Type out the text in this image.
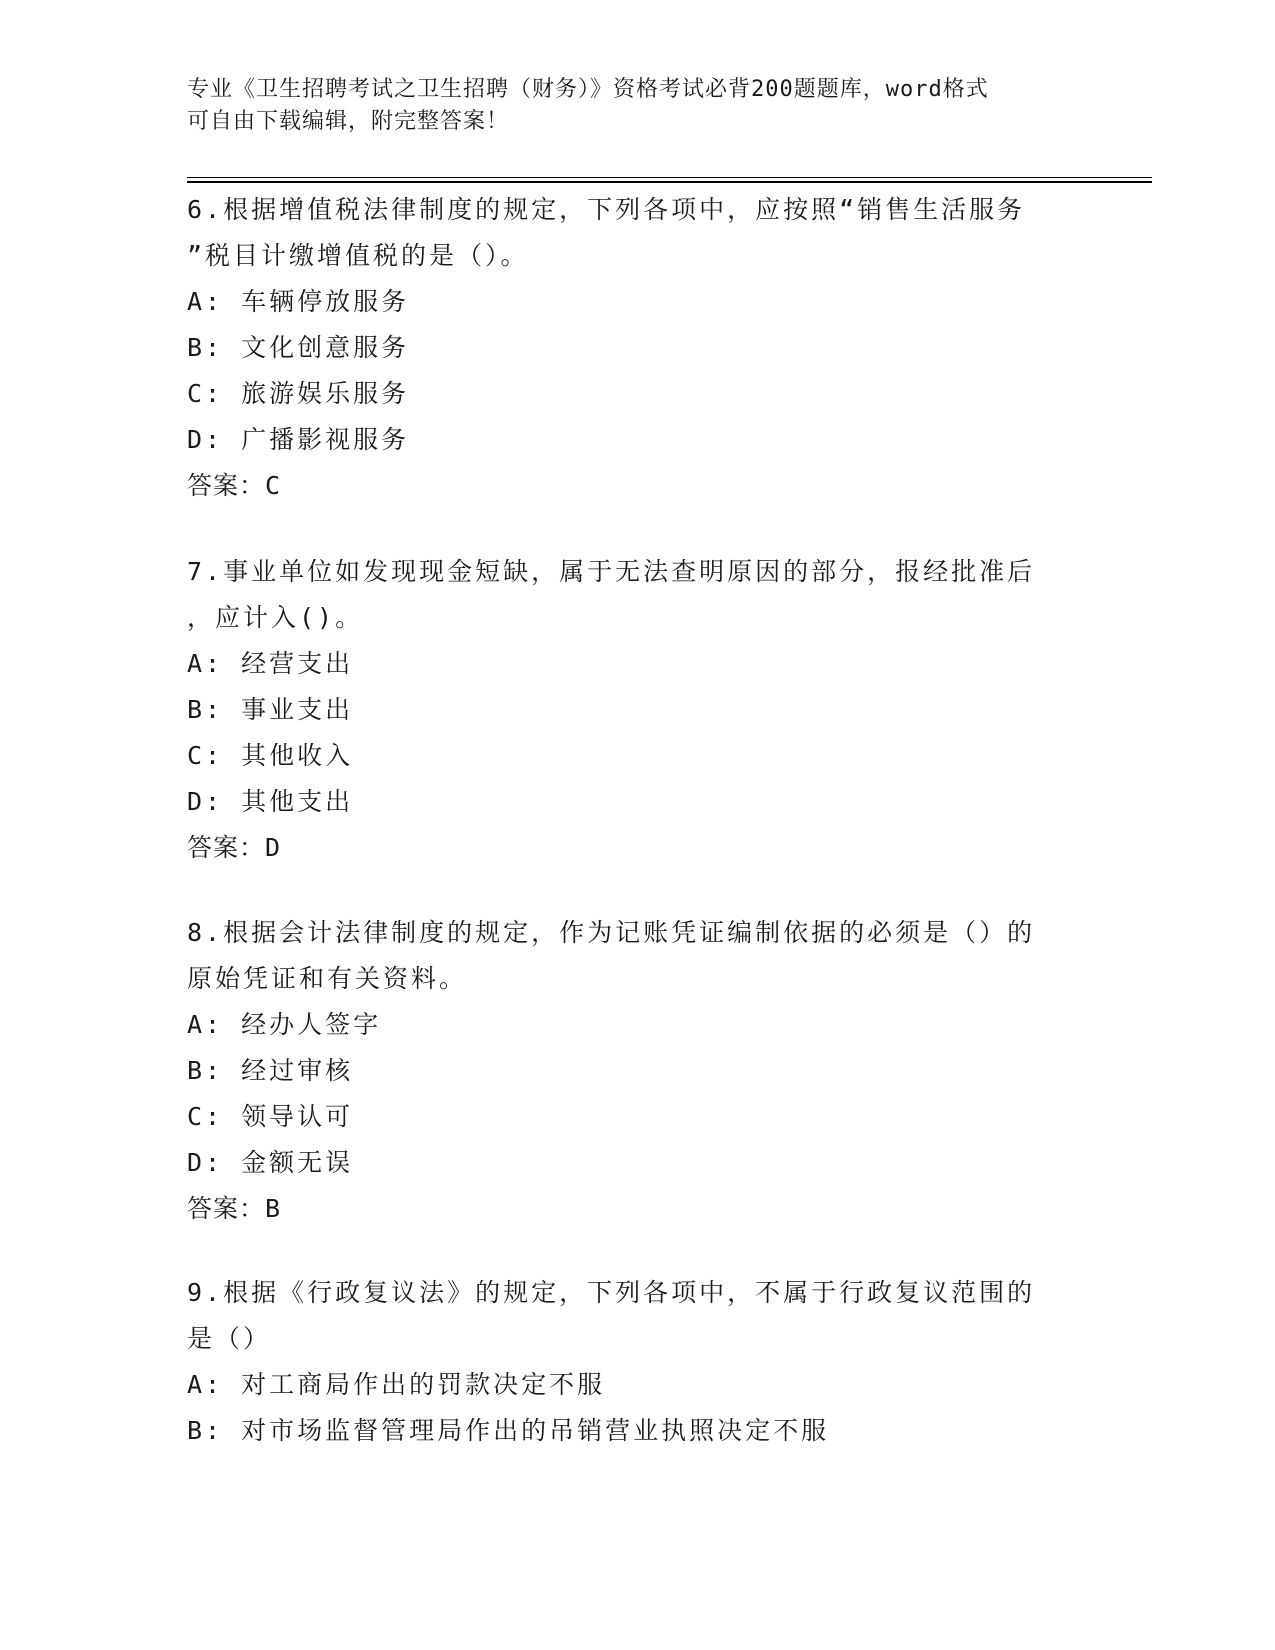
专业《卫生招聘考试之卫生招聘（财务）》资格考试必背200题题库，word格式
可自由下载编辑，附完整答案！
6.根据增值税法律制度的规定，下列各项中，应按照“销售生活服务
”税目计缴增值税的是（）。
A: 车辆停放服务
B: 文化创意服务
C: 旅游娱乐服务
D: 广播影视服务
答案：C
7.事业单位如发现现金短缺，属于无法查明原因的部分，报经批准后
，应计入()。
A: 经营支出
B: 事业支出
C: 其他收入
D: 其他支出
答案：D
8.根据会计法律制度的规定，作为记账凭证编制依据的必须是（）的
原始凭证和有关资料。
A: 经办人签字
B: 经过审核
C: 领导认可
D: 金额无误
答案：B
9.根据《行政复议法》的规定，下列各项中，不属于行政复议范围的
是（）
A: 对工商局作出的罚款决定不服
B: 对市场监督管理局作出的吊销营业执照决定不服
